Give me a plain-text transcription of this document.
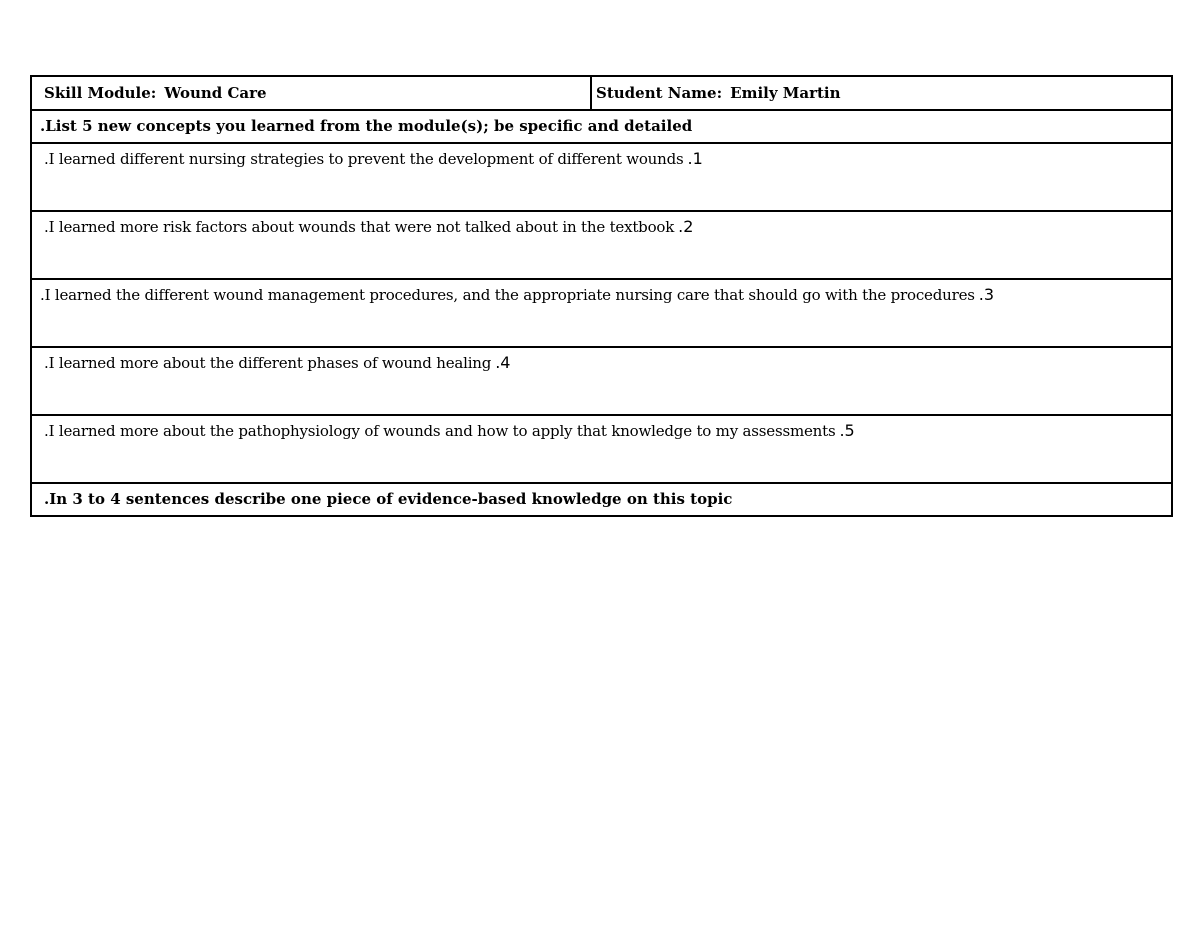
Skill Module: Wound Care	Student Name: Emily Martin
.List 5 new concepts you learned from the module(s); be specific and detailed
.I learned different nursing strategies to prevent the development of different wounds .1
.I learned more risk factors about wounds that were not talked about in the textbook .2
.I learned the different wound management procedures, and the appropriate nursing care that should go with the procedures .3
.I learned more about the different phases of wound healing .4
.I learned more about the pathophysiology of wounds and how to apply that knowledge to my assessments .5
.In 3 to 4 sentences describe one piece of evidence-based knowledge on this topic
